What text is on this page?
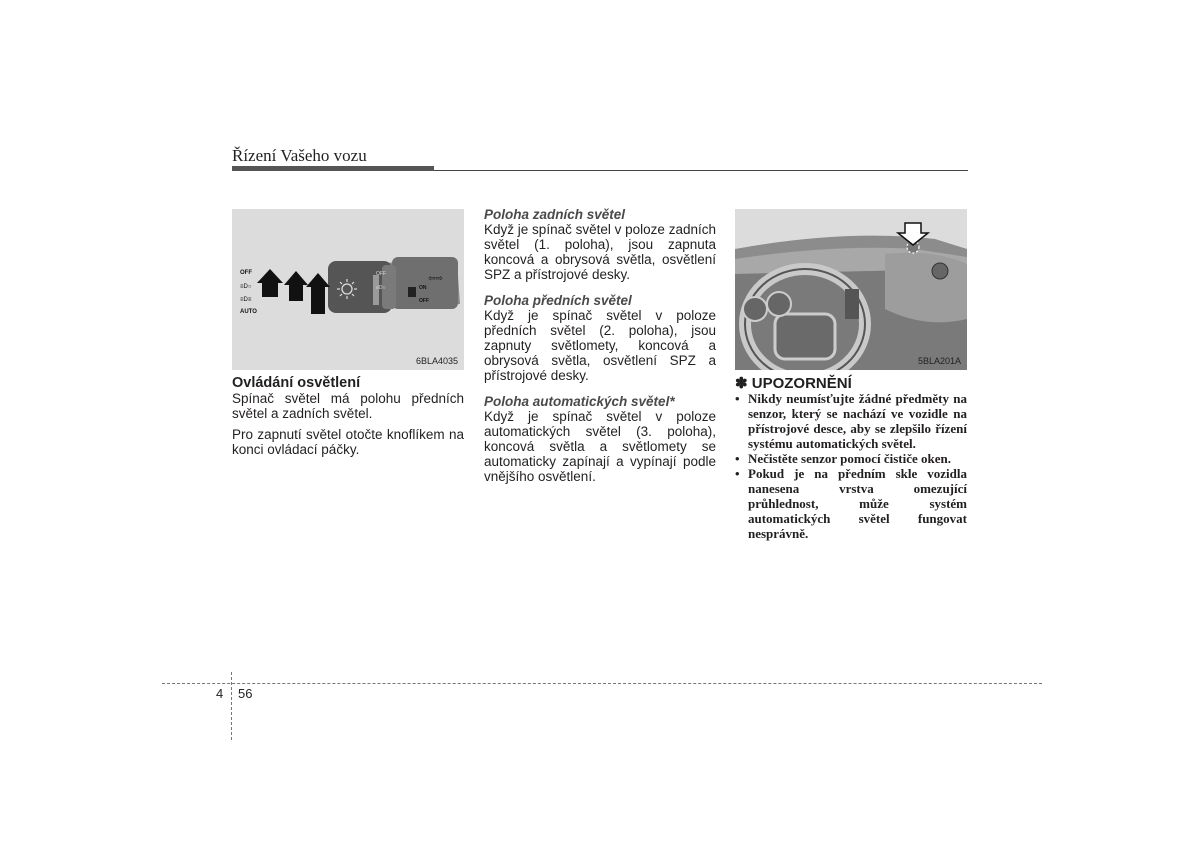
Řízení Vašeho vozu
OFF
≡D○
≡D≡
AUTO
OFF
≡D○	ON
OFF
⇦⇨
6BLA4035	5BLA201A

Ovládání osvětlení

Spínač světel má polohu předních světel a zadních světel.

Pro zapnutí světel otočte knoflíkem na konci ovládací páčky.

Poloha zadních světel

Když je spínač světel v poloze zadních světel (1. poloha), jsou zapnuta koncová a obrysová světla, osvětlení SPZ a přístrojové desky.

Poloha předních světel

Když je spínač světel v poloze předních světel (2. poloha), jsou zapnuty světlomety, koncová a obrysová světla, osvětlení SPZ a přístrojové desky.

Poloha automatických světel*

Když je spínač světel v poloze automatických světel (3. poloha), koncová světla a světlomety se automaticky zapínají a vypínají podle vnějšího osvětlení.

✽ UPOZORNĚNÍ

• Nikdy neumísťujte žádné předměty na senzor, který se nachází ve vozidle na přístrojové desce, aby se zlepšilo řízení systému automatických světel.
• Nečistěte senzor pomocí čističe oken.
• Pokud je na předním skle vozidla nanesena vrstva omezující průhlednost, může systém automatických světel fungovat nesprávně.
4 56
